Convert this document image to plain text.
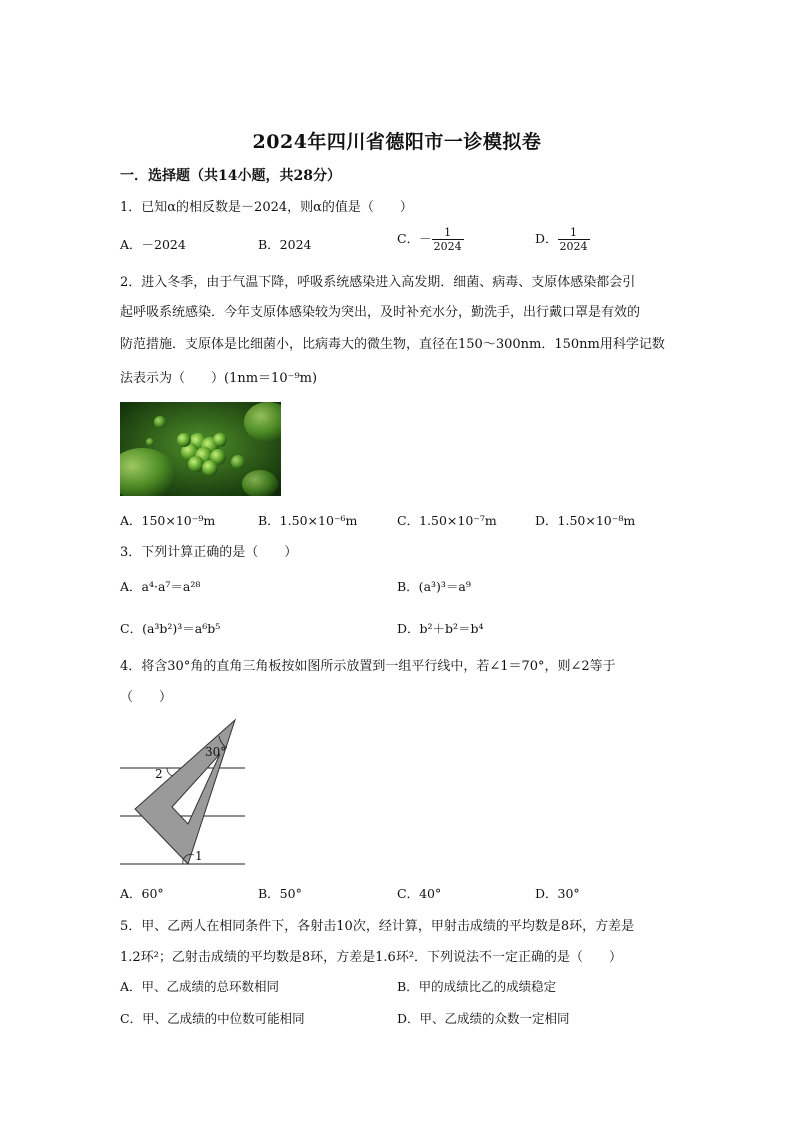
2024年四川省德阳市一诊模拟卷
一．选择题（共14小题，共28分）
1．已知α的相反数是－2024，则α的值是（　　）
A．－2024	B．2024	C．－ $\frac{1}{2024}$	D． $\frac{1}{2024}$
2．进入冬季，由于气温下降，呼吸系统感染进入高发期．细菌、病毒、支原体感染都会引
起呼吸系统感染．今年支原体感染较为突出，及时补充水分，勤洗手，出行戴口罩是有效的
防范措施．支原体是比细菌小，比病毒大的微生物，直径在150～300nm．150nm用科学记数
法表示为（　　）(1nm＝10⁻⁹m)
A．150×10⁻⁹m	B．1.50×10⁻⁶m	C．1.50×10⁻⁷m	D．1.50×10⁻⁸m
3．下列计算正确的是（　　）
A．a⁴·a⁷＝a²⁸	B．(a³)³＝a⁹
C．(a³b²)³＝a⁶b⁵	D．b²＋b²＝b⁴
4．将含30°角的直角三角板按如图所示放置到一组平行线中，若∠1＝70°，则∠2等于
（　　）
30°
2
1
A．60°	B．50°	C．40°	D．30°
5．甲、乙两人在相同条件下，各射击10次，经计算，甲射击成绩的平均数是8环，方差是
1.2环²；乙射击成绩的平均数是8环，方差是1.6环²．下列说法不一定正确的是（　　）
A．甲、乙成绩的总环数相同	B．甲的成绩比乙的成绩稳定
C．甲、乙成绩的中位数可能相同	D．甲、乙成绩的众数一定相同
